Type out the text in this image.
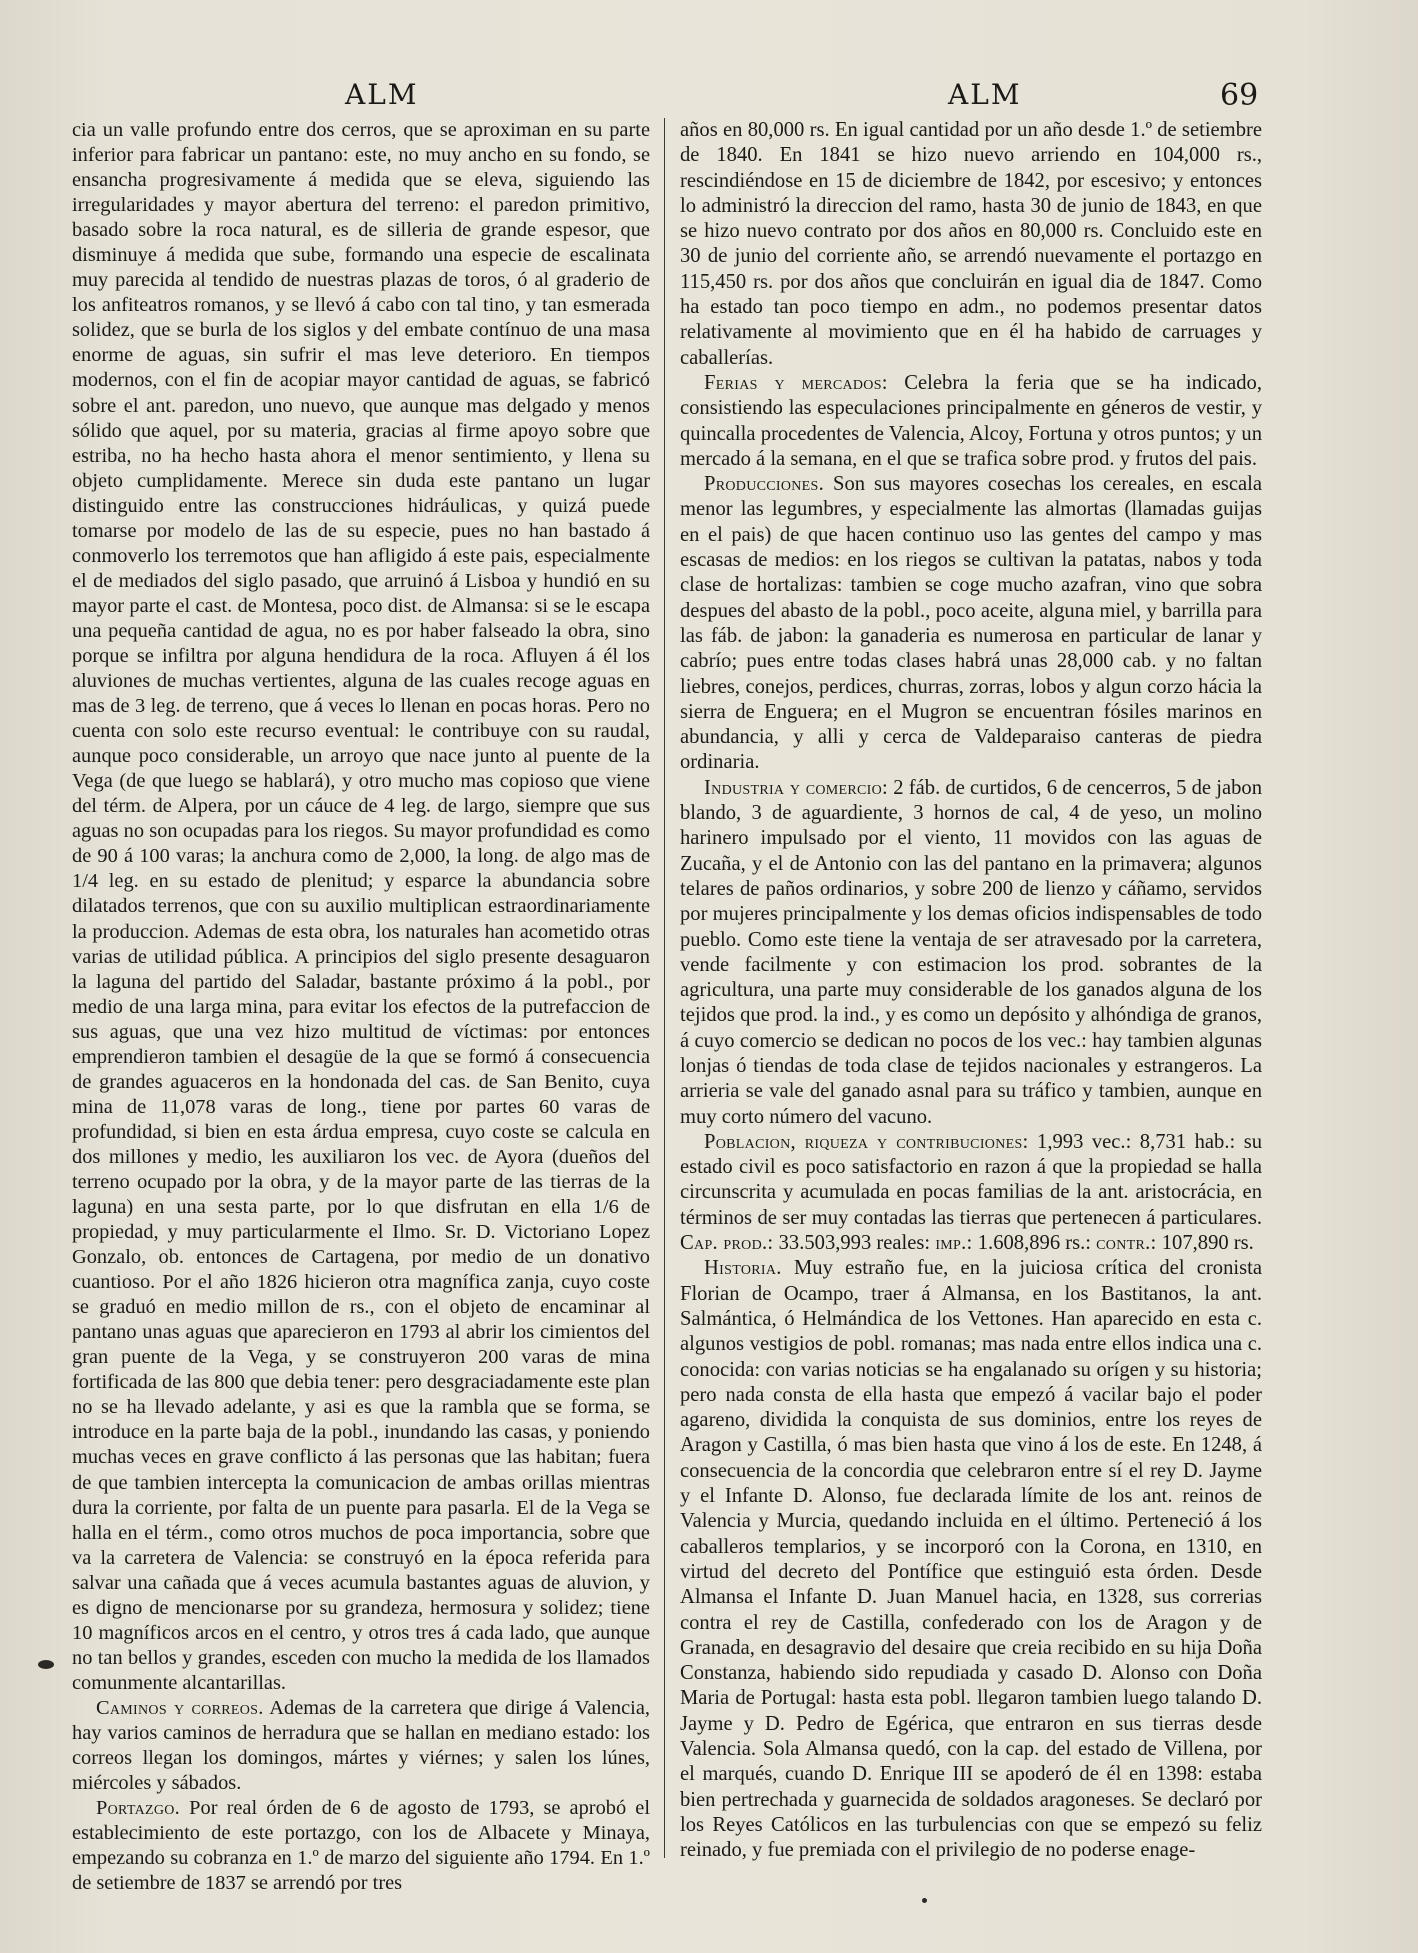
ALM	ALM	69

cia un valle profundo entre dos cerros, que se aproximan en su parte inferior para fabricar un pantano: este, no muy ancho en su fondo, se ensancha progresivamente á medida que se eleva, siguiendo las irregularidades y mayor abertura del terreno: el paredon primitivo, basado sobre la roca natural, es de silleria de grande espesor, que disminuye á medida que sube, formando una especie de escalinata muy parecida al tendido de nuestras plazas de toros, ó al graderio de los anfiteatros romanos, y se llevó á cabo con tal tino, y tan esmerada solidez, que se burla de los siglos y del embate contínuo de una masa enorme de aguas, sin sufrir el mas leve deterioro. En tiempos modernos, con el fin de acopiar mayor cantidad de aguas, se fabricó sobre el ant. paredon, uno nuevo, que aunque mas delgado y menos sólido que aquel, por su materia, gracias al firme apoyo sobre que estriba, no ha hecho hasta ahora el menor sentimiento, y llena su objeto cumplidamente. Merece sin duda este pantano un lugar distinguido entre las construcciones hidráulicas, y quizá puede tomarse por modelo de las de su especie, pues no han bastado á conmoverlo los terremotos que han afligido á este pais, especialmente el de mediados del siglo pasado, que arruinó á Lisboa y hundió en su mayor parte el cast. de Montesa, poco dist. de Almansa: si se le escapa una pequeña cantidad de agua, no es por haber falseado la obra, sino porque se infiltra por alguna hendidura de la roca. Afluyen á él los aluviones de muchas vertientes, alguna de las cuales recoge aguas en mas de 3 leg. de terreno, que á veces lo llenan en pocas horas. Pero no cuenta con solo este recurso eventual: le contribuye con su raudal, aunque poco considerable, un arroyo que nace junto al puente de la Vega (de que luego se hablará), y otro mucho mas copioso que viene del térm. de Alpera, por un cáuce de 4 leg. de largo, siempre que sus aguas no son ocupadas para los riegos. Su mayor profundidad es como de 90 á 100 varas; la anchura como de 2,000, la long. de algo mas de 1/4 leg. en su estado de plenitud; y esparce la abundancia sobre dilatados terrenos, que con su auxilio multiplican estraordinariamente la produccion. Ademas de esta obra, los naturales han acometido otras varias de utilidad pública. A principios del siglo presente desaguaron la laguna del partido del Saladar, bastante próximo á la pobl., por medio de una larga mina, para evitar los efectos de la putrefaccion de sus aguas, que una vez hizo multitud de víctimas: por entonces emprendieron tambien el desagüe de la que se formó á consecuencia de grandes aguaceros en la hondonada del cas. de San Benito, cuya mina de 11,078 varas de long., tiene por partes 60 varas de profundidad, si bien en esta árdua empresa, cuyo coste se calcula en dos millones y medio, les auxiliaron los vec. de Ayora (dueños del terreno ocupado por la obra, y de la mayor parte de las tierras de la laguna) en una sesta parte, por lo que disfrutan en ella 1/6 de propiedad, y muy particularmente el Ilmo. Sr. D. Victoriano Lopez Gonzalo, ob. entonces de Cartagena, por medio de un donativo cuantioso. Por el año 1826 hicieron otra magnífica zanja, cuyo coste se graduó en medio millon de rs., con el objeto de encaminar al pantano unas aguas que aparecieron en 1793 al abrir los cimientos del gran puente de la Vega, y se construyeron 200 varas de mina fortificada de las 800 que debia tener: pero desgraciadamente este plan no se ha llevado adelante, y asi es que la rambla que se forma, se introduce en la parte baja de la pobl., inundando las casas, y poniendo muchas veces en grave conflicto á las personas que las habitan; fuera de que tambien intercepta la comunicacion de ambas orillas mientras dura la corriente, por falta de un puente para pasarla. El de la Vega se halla en el térm., como otros muchos de poca importancia, sobre que va la carretera de Valencia: se construyó en la época referida para salvar una cañada que á veces acumula bastantes aguas de aluvion, y es digno de mencionarse por su grandeza, hermosura y solidez; tiene 10 magníficos arcos en el centro, y otros tres á cada lado, que aunque no tan bellos y grandes, esceden con mucho la medida de los llamados comunmente alcantarillas.

Caminos y correos. Ademas de la carretera que dirige á Valencia, hay varios caminos de herradura que se hallan en mediano estado: los correos llegan los domingos, mártes y viérnes; y salen los lúnes, miércoles y sábados.

Portazgo. Por real órden de 6 de agosto de 1793, se aprobó el establecimiento de este portazgo, con los de Albacete y Minaya, empezando su cobranza en 1.º de marzo del siguiente año 1794. En 1.º de setiembre de 1837 se arrendó por tres

años en 80,000 rs. En igual cantidad por un año desde 1.º de setiembre de 1840. En 1841 se hizo nuevo arriendo en 104,000 rs., rescindiéndose en 15 de diciembre de 1842, por escesivo; y entonces lo administró la direccion del ramo, hasta 30 de junio de 1843, en que se hizo nuevo contrato por dos años en 80,000 rs. Concluido este en 30 de junio del corriente año, se arrendó nuevamente el portazgo en 115,450 rs. por dos años que concluirán en igual dia de 1847. Como ha estado tan poco tiempo en adm., no podemos presentar datos relativamente al movimiento que en él ha habido de carruages y caballerías.

Ferias y mercados: Celebra la feria que se ha indicado, consistiendo las especulaciones principalmente en géneros de vestir, y quincalla procedentes de Valencia, Alcoy, Fortuna y otros puntos; y un mercado á la semana, en el que se trafica sobre prod. y frutos del pais.

Producciones. Son sus mayores cosechas los cereales, en escala menor las legumbres, y especialmente las almortas (llamadas guijas en el pais) de que hacen continuo uso las gentes del campo y mas escasas de medios: en los riegos se cultivan la patatas, nabos y toda clase de hortalizas: tambien se coge mucho azafran, vino que sobra despues del abasto de la pobl., poco aceite, alguna miel, y barrilla para las fáb. de jabon: la ganaderia es numerosa en particular de lanar y cabrío; pues entre todas clases habrá unas 28,000 cab. y no faltan liebres, conejos, perdices, churras, zorras, lobos y algun corzo hácia la sierra de Enguera; en el Mugron se encuentran fósiles marinos en abundancia, y alli y cerca de Valdeparaiso canteras de piedra ordinaria.

Industria y comercio: 2 fáb. de curtidos, 6 de cencerros, 5 de jabon blando, 3 de aguardiente, 3 hornos de cal, 4 de yeso, un molino harinero impulsado por el viento, 11 movidos con las aguas de Zucaña, y el de Antonio con las del pantano en la primavera; algunos telares de paños ordinarios, y sobre 200 de lienzo y cáñamo, servidos por mujeres principalmente y los demas oficios indispensables de todo pueblo. Como este tiene la ventaja de ser atravesado por la carretera, vende facilmente y con estimacion los prod. sobrantes de la agricultura, una parte muy considerable de los ganados alguna de los tejidos que prod. la ind., y es como un depósito y alhóndiga de granos, á cuyo comercio se dedican no pocos de los vec.: hay tambien algunas lonjas ó tiendas de toda clase de tejidos nacionales y estrangeros. La arrieria se vale del ganado asnal para su tráfico y tambien, aunque en muy corto número del vacuno.

Poblacion, riqueza y contribuciones: 1,993 vec.: 8,731 hab.: su estado civil es poco satisfactorio en razon á que la propiedad se halla circunscrita y acumulada en pocas familias de la ant. aristocrácia, en términos de ser muy contadas las tierras que pertenecen á particulares. Cap. prod.: 33.503,993 reales: imp.: 1.608,896 rs.: contr.: 107,890 rs.

Historia. Muy estraño fue, en la juiciosa crítica del cronista Florian de Ocampo, traer á Almansa, en los Bastitanos, la ant. Salmántica, ó Helmándica de los Vettones. Han aparecido en esta c. algunos vestigios de pobl. romanas; mas nada entre ellos indica una c. conocida: con varias noticias se ha engalanado su orígen y su historia; pero nada consta de ella hasta que empezó á vacilar bajo el poder agareno, dividida la conquista de sus dominios, entre los reyes de Aragon y Castilla, ó mas bien hasta que vino á los de este. En 1248, á consecuencia de la concordia que celebraron entre sí el rey D. Jayme y el Infante D. Alonso, fue declarada límite de los ant. reinos de Valencia y Murcia, quedando incluida en el último. Perteneció á los caballeros templarios, y se incorporó con la Corona, en 1310, en virtud del decreto del Pontífice que estinguió esta órden. Desde Almansa el Infante D. Juan Manuel hacia, en 1328, sus correrias contra el rey de Castilla, confederado con los de Aragon y de Granada, en desagravio del desaire que creia recibido en su hija Doña Constanza, habiendo sido repudiada y casado D. Alonso con Doña Maria de Portugal: hasta esta pobl. llegaron tambien luego talando D. Jayme y D. Pedro de Egérica, que entraron en sus tierras desde Valencia. Sola Almansa quedó, con la cap. del estado de Villena, por el marqués, cuando D. Enrique III se apoderó de él en 1398: estaba bien pertrechada y guarnecida de soldados aragoneses. Se declaró por los Reyes Católicos en las turbulencias con que se empezó su feliz reinado, y fue premiada con el privilegio de no poderse enage-
